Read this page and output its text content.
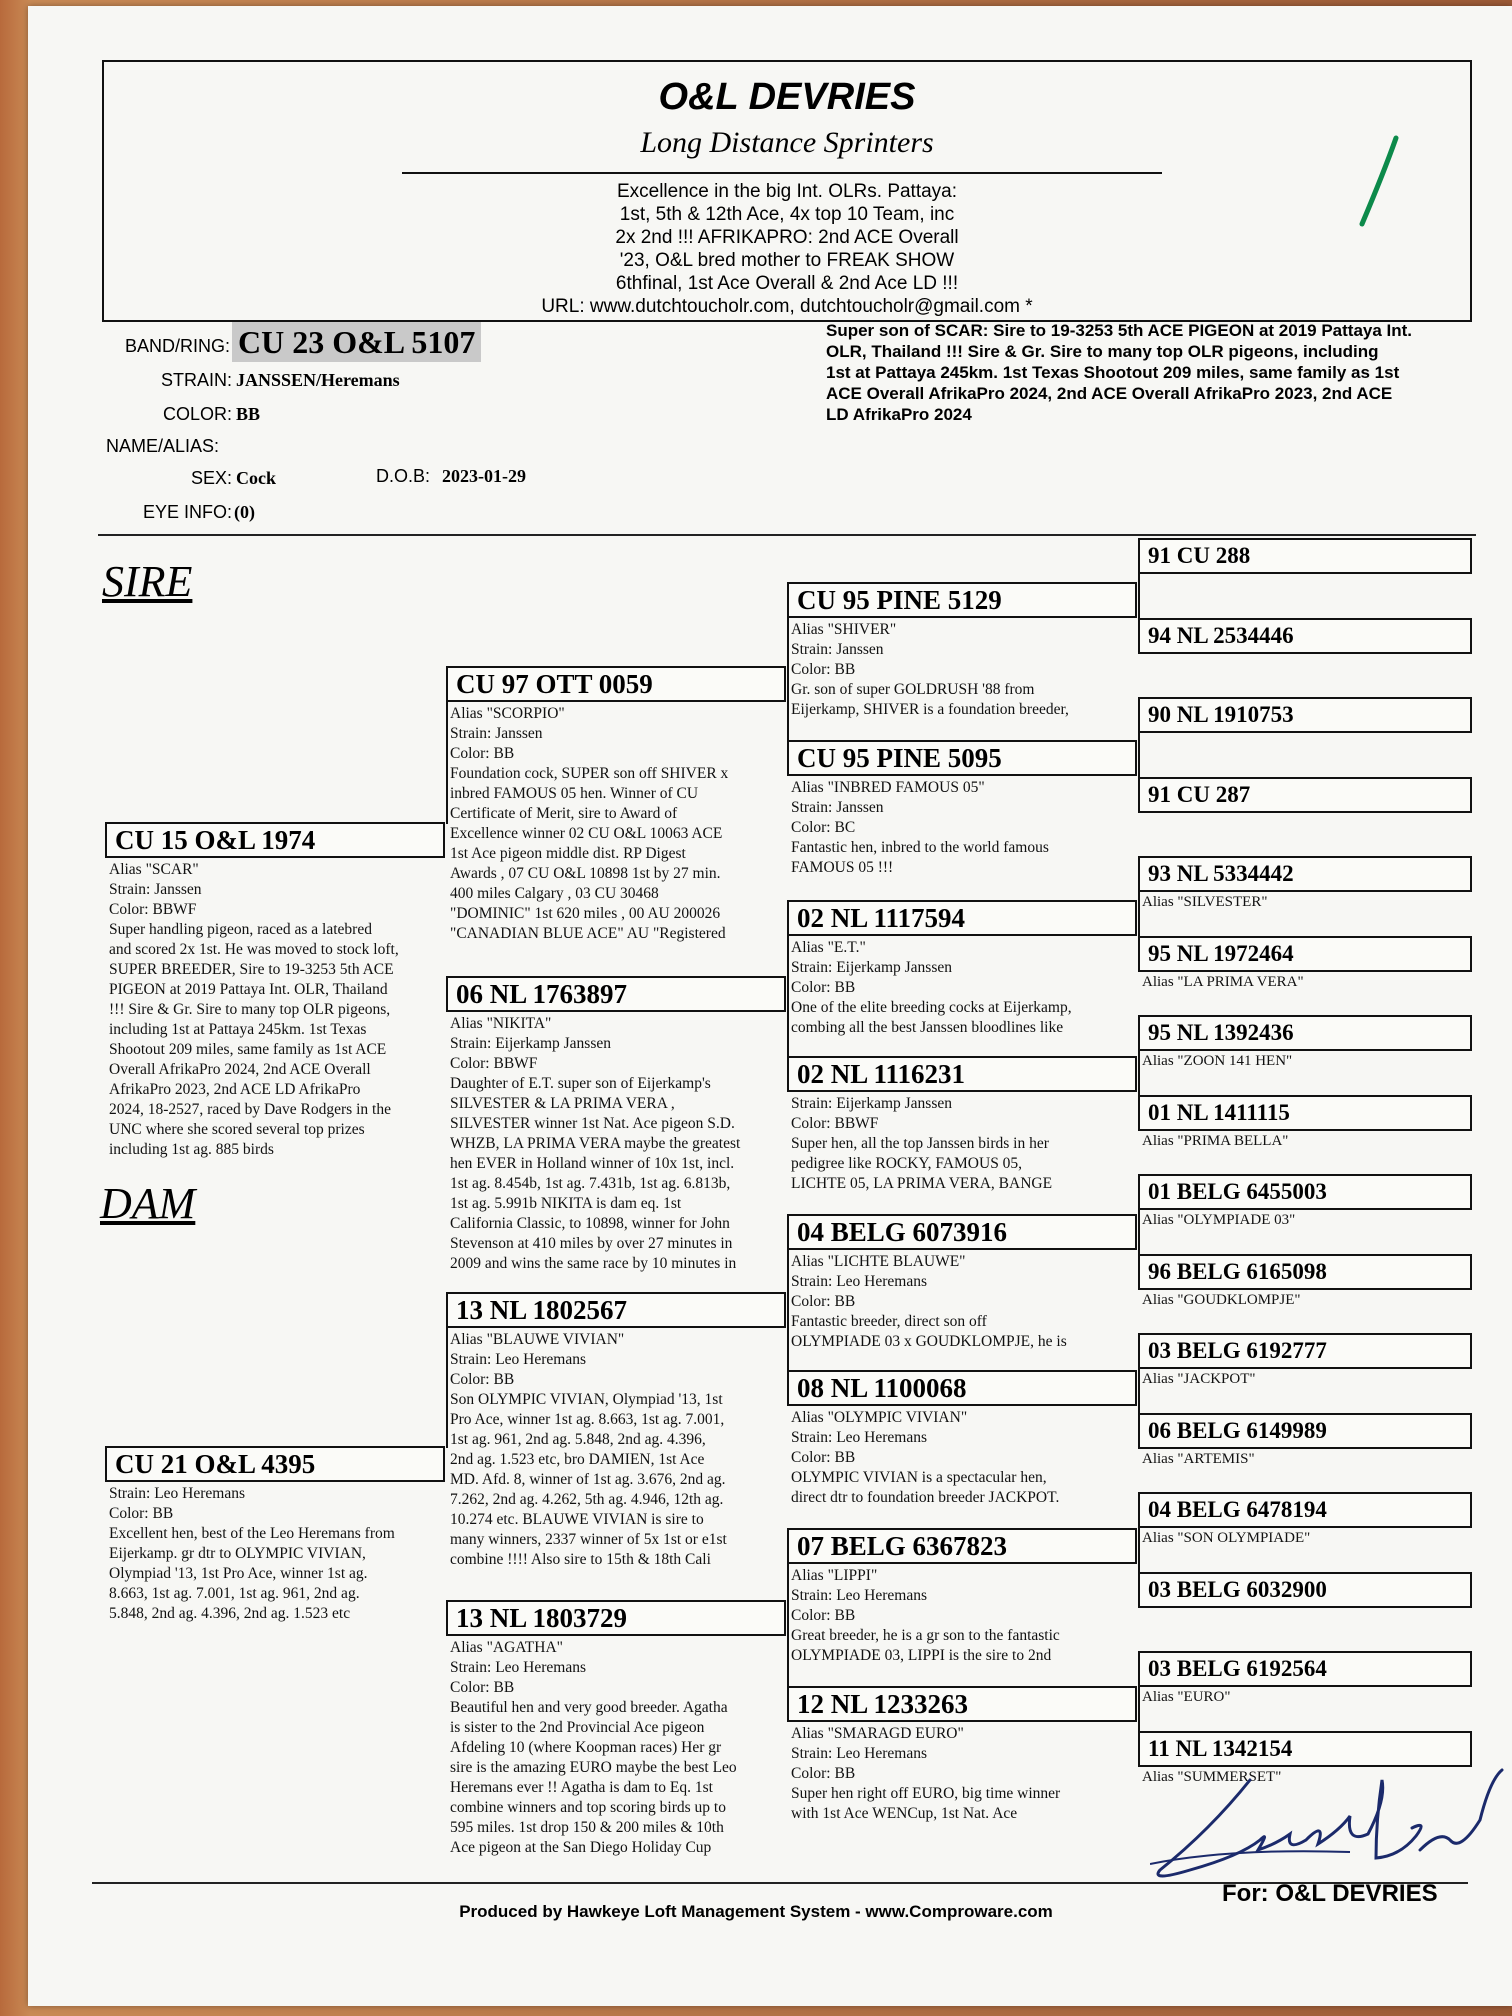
O&L DEVRIES
Long Distance Sprinters
Excellence in the big Int. OLRs. Pattaya:
1st, 5th & 12th Ace, 4x top 10 Team, inc
2x 2nd !!! AFRIKAPRO: 2nd ACE Overall
'23, O&L bred mother to FREAK SHOW
6thfinal, 1st Ace Overall & 2nd Ace LD !!!
URL: www.dutchtoucholr.com, dutchtoucholr@gmail.com *
BAND/RING: CU 23 O&L 5107
STRAIN: JANSSEN/Heremans
COLOR: BB
NAME/ALIAS:
SEX: Cock	D.O.B: 2023-01-29
EYE INFO: (0)
Super son of SCAR: Sire to 19-3253 5th ACE PIGEON at 2019 Pattaya Int.
OLR, Thailand !!! Sire & Gr. Sire to many top OLR pigeons, including
1st at Pattaya 245km. 1st Texas Shootout 209 miles, same family as 1st
ACE Overall AfrikaPro 2024, 2nd ACE Overall AfrikaPro 2023, 2nd ACE
LD AfrikaPro 2024
SIRE
DAM
CU 15 O&L 1974
Alias "SCAR"
Strain: Janssen
Color: BBWF
Super handling pigeon, raced as a latebred
and scored 2x 1st. He was moved to stock loft,
SUPER BREEDER, Sire to 19-3253 5th ACE
PIGEON at 2019 Pattaya Int. OLR, Thailand
!!! Sire & Gr. Sire to many top OLR pigeons,
including 1st at Pattaya 245km. 1st Texas
Shootout 209 miles, same family as 1st ACE
Overall AfrikaPro 2024, 2nd ACE Overall
AfrikaPro 2023, 2nd ACE LD AfrikaPro
2024, 18-2527, raced by Dave Rodgers in the
UNC where she scored several top prizes
including 1st ag. 885 birds
CU 21 O&L 4395
Strain: Leo Heremans
Color: BB
Excellent hen, best of the Leo Heremans from
Eijerkamp. gr dtr to OLYMPIC VIVIAN,
Olympiad '13, 1st Pro Ace, winner 1st ag.
8.663, 1st ag. 7.001, 1st ag. 961, 2nd ag.
5.848, 2nd ag. 4.396, 2nd ag. 1.523 etc
CU 97 OTT 0059
Alias "SCORPIO"
Strain: Janssen
Color: BB
Foundation cock, SUPER son off SHIVER x
inbred FAMOUS 05 hen. Winner of CU
Certificate of Merit, sire to Award of
Excellence winner 02 CU O&L 10063 ACE
1st Ace pigeon middle dist. RP Digest
Awards , 07 CU O&L 10898 1st by 27 min.
400 miles Calgary , 03 CU 30468
"DOMINIC" 1st 620 miles , 00 AU 200026
"CANADIAN BLUE ACE" AU "Registered
06 NL 1763897
Alias "NIKITA"
Strain: Eijerkamp Janssen
Color: BBWF
Daughter of E.T. super son of Eijerkamp's
SILVESTER & LA PRIMA VERA ,
SILVESTER winner 1st Nat. Ace pigeon S.D.
WHZB, LA PRIMA VERA maybe the greatest
hen EVER in Holland winner of 10x 1st, incl.
1st ag. 8.454b, 1st ag. 7.431b, 1st ag. 6.813b,
1st ag. 5.991b NIKITA is dam eq. 1st
California Classic, to 10898, winner for John
Stevenson at 410 miles by over 27 minutes in
2009 and wins the same race by 10 minutes in
13 NL 1802567
Alias "BLAUWE VIVIAN"
Strain: Leo Heremans
Color: BB
Son OLYMPIC VIVIAN, Olympiad '13, 1st
Pro Ace, winner 1st ag. 8.663, 1st ag. 7.001,
1st ag. 961, 2nd ag. 5.848, 2nd ag. 4.396,
2nd ag. 1.523 etc, bro DAMIEN, 1st Ace
MD. Afd. 8, winner of 1st ag. 3.676, 2nd ag.
7.262, 2nd ag. 4.262, 5th ag. 4.946, 12th ag.
10.274 etc. BLAUWE VIVIAN is sire to
many winners, 2337 winner of 5x 1st or e1st
combine !!!! Also sire to 15th & 18th Cali
13 NL 1803729
Alias "AGATHA"
Strain: Leo Heremans
Color: BB
Beautiful hen and very good breeder. Agatha
is sister to the 2nd Provincial Ace pigeon
Afdeling 10 (where Koopman races) Her gr
sire is the amazing EURO maybe the best Leo
Heremans ever !! Agatha is dam to Eq. 1st
combine winners and top scoring birds up to
595 miles. 1st drop 150 & 200 miles & 10th
Ace pigeon at the San Diego Holiday Cup
CU 95 PINE 5129
Alias "SHIVER"
Strain: Janssen
Color: BB
Gr. son of super GOLDRUSH '88 from
Eijerkamp, SHIVER is a foundation breeder,
CU 95 PINE 5095
Alias "INBRED FAMOUS 05"
Strain: Janssen
Color: BC
Fantastic hen, inbred to the world famous
FAMOUS 05 !!!
02 NL 1117594
Alias "E.T."
Strain: Eijerkamp Janssen
Color: BB
One of the elite breeding cocks at Eijerkamp,
combing all the best Janssen bloodlines like
02 NL 1116231
Strain: Eijerkamp Janssen
Color: BBWF
Super hen, all the top Janssen birds in her
pedigree like ROCKY, FAMOUS 05,
LICHTE 05, LA PRIMA VERA, BANGE
04 BELG 6073916
Alias "LICHTE BLAUWE"
Strain: Leo Heremans
Color: BB
Fantastic breeder, direct son off
OLYMPIADE 03 x GOUDKLOMPJE, he is
08 NL 1100068
Alias "OLYMPIC VIVIAN"
Strain: Leo Heremans
Color: BB
OLYMPIC VIVIAN is a spectacular hen,
direct dtr to foundation breeder JACKPOT.
07 BELG 6367823
Alias "LIPPI"
Strain: Leo Heremans
Color: BB
Great breeder, he is a gr son to the fantastic
OLYMPIADE 03, LIPPI is the sire to 2nd
12 NL 1233263
Alias "SMARAGD EURO"
Strain: Leo Heremans
Color: BB
Super hen right off EURO, big time winner
with 1st Ace WENCup, 1st Nat. Ace
91 CU 288
94 NL 2534446
90 NL 1910753
91 CU 287
93 NL 5334442
Alias "SILVESTER"
95 NL 1972464
Alias "LA PRIMA VERA"
95 NL 1392436
Alias "ZOON 141 HEN"
01 NL 1411115
Alias "PRIMA BELLA"
01 BELG 6455003
Alias "OLYMPIADE 03"
96 BELG 6165098
Alias "GOUDKLOMPJE"
03 BELG 6192777
Alias "JACKPOT"
06 BELG 6149989
Alias "ARTEMIS"
04 BELG 6478194
Alias "SON OLYMPIADE"
03 BELG 6032900
03 BELG 6192564
Alias "EURO"
11 NL 1342154
Alias "SUMMERSET"
Produced by Hawkeye Loft Management System - www.Comproware.com
For: O&L DEVRIES
